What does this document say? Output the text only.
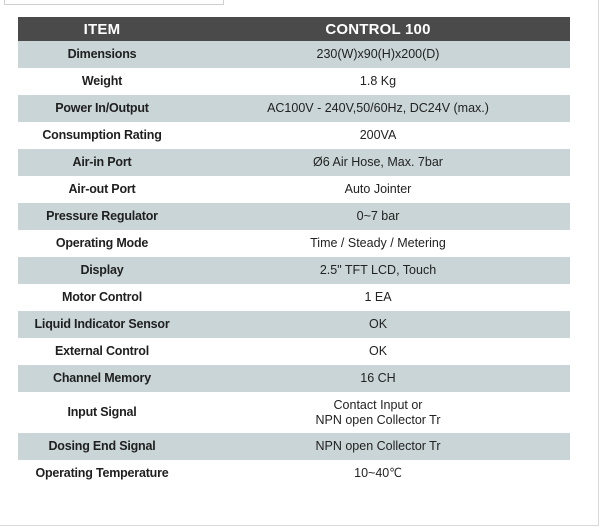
ITEM	CONTROL 100
Dimensions	230(W)x90(H)x200(D)
Weight	1.8 Kg
Power In/Output	AC100V - 240V,50/60Hz, DC24V (max.)
Consumption Rating	200VA
Air-in Port	Ø6 Air Hose, Max. 7bar
Air-out Port	Auto Jointer
Pressure Regulator	0~7 bar
Operating Mode	Time / Steady / Metering
Display	2.5" TFT LCD, Touch
Motor Control	1 EA
Liquid Indicator Sensor	OK
External Control	OK
Channel Memory	16 CH
Input Signal	Contact Input or
NPN open Collector Tr

Dosing End Signal	NPN open Collector Tr
Operating Temperature	10~40℃
